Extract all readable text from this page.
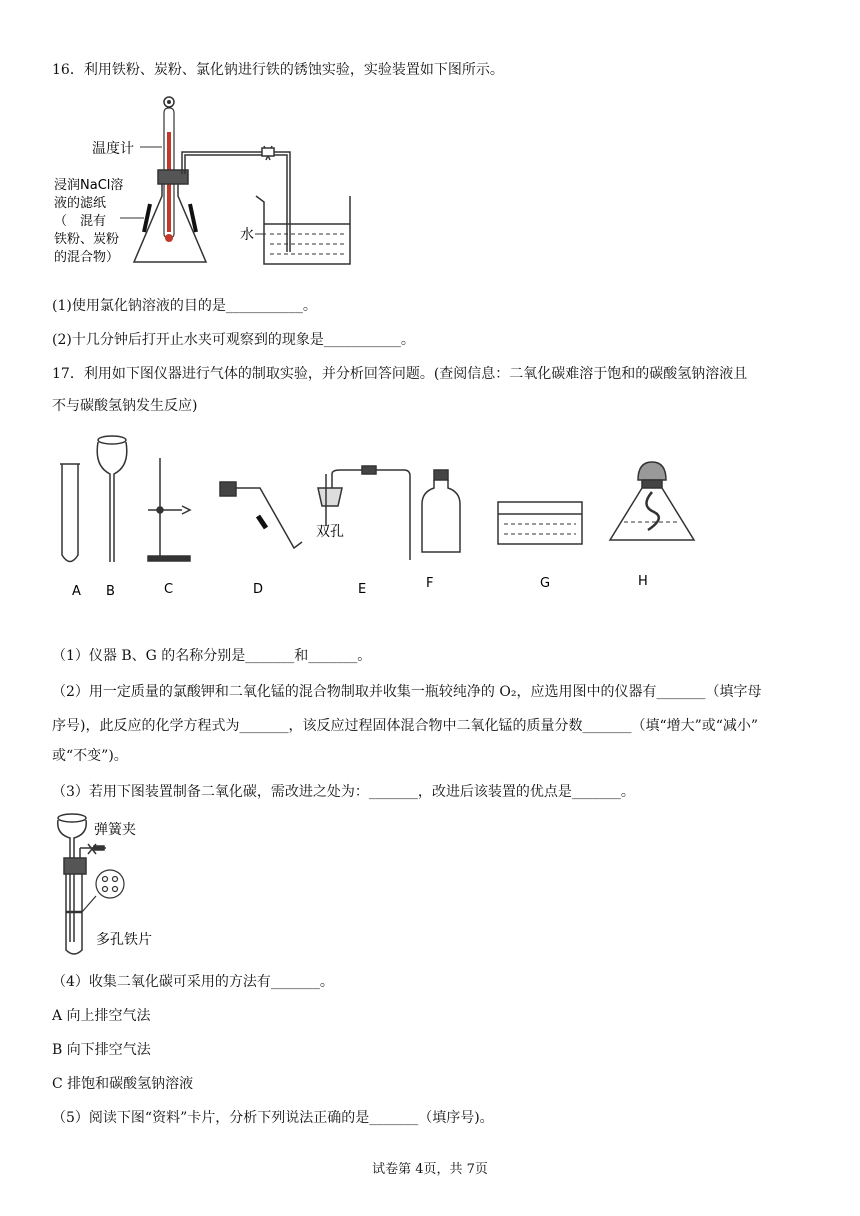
16．利用铁粉、炭粉、氯化钠进行铁的锈蚀实验，实验装置如下图所示。
温度计
浸润NaCl溶
液的滤纸
（　混有
铁粉、炭粉
的混合物）
水
(1)使用氯化钠溶液的目的是___________。
(2)十几分钟后打开止水夹可观察到的现象是___________。
17．利用如下图仪器进行气体的制取实验，并分析回答问题。(查阅信息：二氧化碳难溶于饱和的碳酸氢钠溶液且
不与碳酸氢钠发生反应)
双孔
A B	C	D	E	F	G	H
（1）仪器 B、G 的名称分别是_______和_______。
（2）用一定质量的氯酸钾和二氧化锰的混合物制取并收集一瓶较纯净的 O₂，应选用图中的仪器有_______（填字母
序号)，此反应的化学方程式为_______，该反应过程固体混合物中二氧化锰的质量分数_______（填“增大”或“减小”
或“不变”)。
（3）若用下图装置制备二氧化碳，需改进之处为：_______，改进后该装置的优点是_______。
弹簧夹
多孔铁片
（4）收集二氧化碳可采用的方法有_______。
A 向上排空气法
B 向下排空气法
C 排饱和碳酸氢钠溶液
（5）阅读下图“资料”卡片，分析下列说法正确的是_______（填序号)。
试卷第 4页，共 7页
